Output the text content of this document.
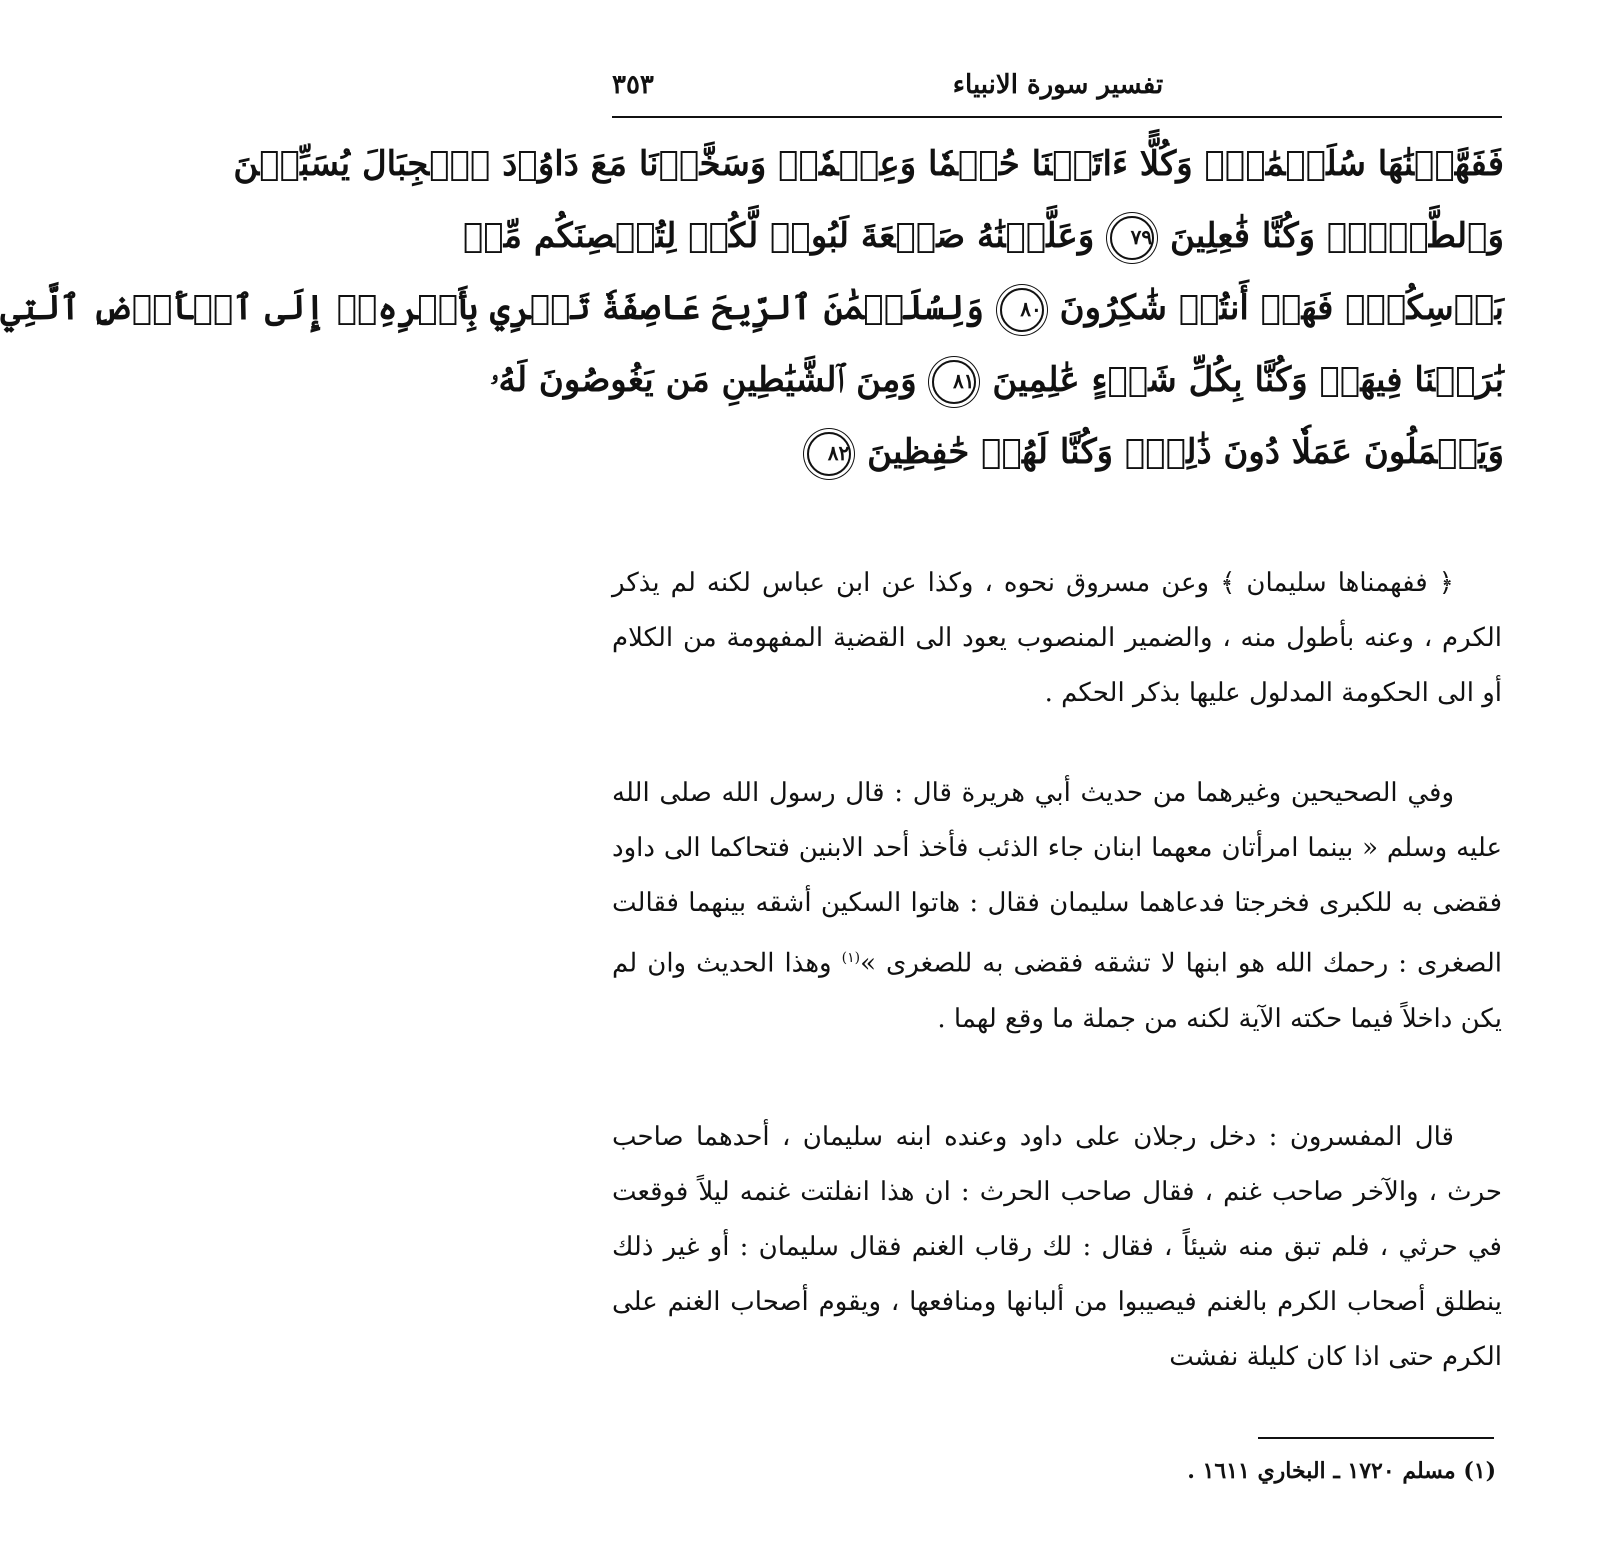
٣٥٣	تفسير سورة الانبياء
فَفَهَّمۡنَٰهَا سُلَيۡمَٰنَۚ وَكُلًّا ءَاتَيۡنَا حُكۡمٗا وَعِلۡمٗاۚ وَسَخَّرۡنَا مَعَ دَاوُۥدَ ٱلۡجِبَالَ يُسَبِّحۡنَ
وَٱلطَّيۡرَۚ وَكُنَّا فَٰعِلِينَ ٧٩ وَعَلَّمۡنَٰهُ صَنۡعَةَ لَبُوسٖ لَّكُمۡ لِتُحۡصِنَكُم مِّنۢ
بَأۡسِكُمۡۖ فَهَلۡ أَنتُمۡ شَٰكِرُونَ ٨٠ وَلِسُلَيۡمَٰنَ ٱلرِّيحَ عَاصِفَةٗ تَجۡرِي بِأَمۡرِهِۦٓ إِلَى ٱلۡأَرۡضِ ٱلَّتِي
بَٰرَكۡنَا فِيهَاۚ وَكُنَّا بِكُلِّ شَيۡءٍ عَٰلِمِينَ ٨١ وَمِنَ ٱلشَّيَٰطِينِ مَن يَغُوصُونَ لَهُۥ
وَيَعۡمَلُونَ عَمَلٗا دُونَ ذَٰلِكَۖ وَكُنَّا لَهُمۡ حَٰفِظِينَ ٨٢

﴿ ففهمناها سليمان ﴾ وعن مسروق نحوه ، وكذا عن ابن عباس لكنه لم يذكر الكرم ، وعنه بأطول منه ، والضمير المنصوب يعود الى القضية المفهومة من الكلام أو الى الحكومة المدلول عليها بذكر الحكم .

وفي الصحيحين وغيرهما من حديث أبي هريرة قال : قال رسول الله صلى الله عليه وسلم « بينما امرأتان معهما ابنان جاء الذئب فأخذ أحد الابنين فتحاكما الى داود فقضى به للكبرى فخرجتا فدعاهما سليمان فقال : هاتوا السكين أشقه بينهما فقالت الصغرى : رحمك الله هو ابنها لا تشقه فقضى به للصغرى »$^{(١)}$ وهذا الحديث وان لم يكن داخلاً فيما حكته الآية لكنه من جملة ما وقع لهما .

قال المفسرون : دخل رجلان على داود وعنده ابنه سليمان ، أحدهما صاحب حرث ، والآخر صاحب غنم ، فقال صاحب الحرث : ان هذا انفلتت غنمه ليلاً فوقعت في حرثي ، فلم تبق منه شيئاً ، فقال : لك رقاب الغنم فقال سليمان : أو غير ذلك ينطلق أصحاب الكرم بالغنم فيصيبوا من ألبانها ومنافعها ، ويقوم أصحاب الغنم على الكرم حتى اذا كان كليلة نفشت

(١) مسلم ١٧٢٠ ـ البخاري ١٦١١ .
